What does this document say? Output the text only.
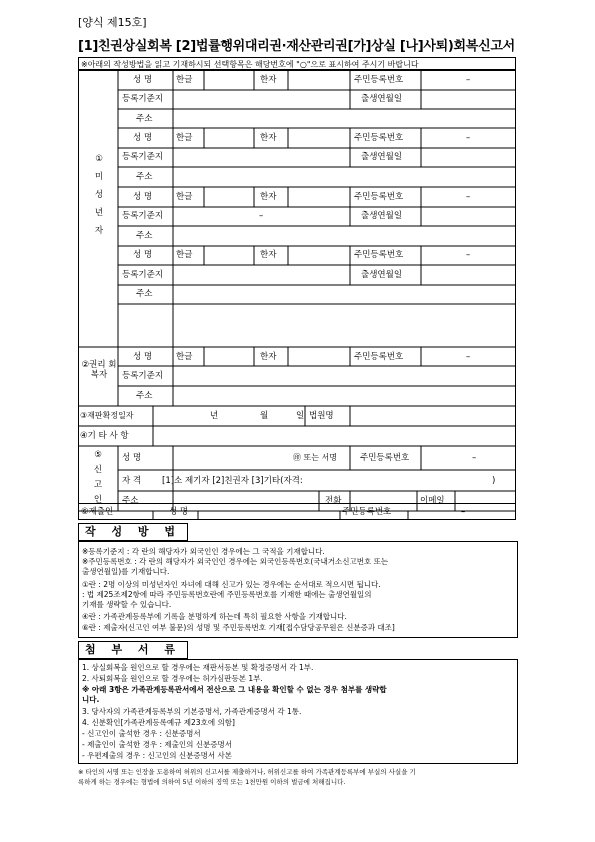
[양식 제15호]
[1]친권상실회복 [2]법률행위대리권·재산관리권[가]상실 [나]사퇴)회복신고서
※아래의 작성방법을 읽고 기재하시되 선택항목은 해당번호에 "○"으로 표시하여 주시기 바랍니다
① 미 성 년 자
성 명	한글	한자	주민등록번호	–
등록기준지	출생연월일
주소
성 명	한글	한자	주민등록번호	–
등록기준지	출생연월일
주소
성 명	한글	한자	주민등록번호	–
등록기준지	–	출생연월일
주소
성 명	한글	한자	주민등록번호	–
등록기준지	출생연월일
주소
②권리 회복자
성 명	한글	한자	주민등록번호	–
등록기준지
주소
③재판확정일자	년	월	일 법원명
④기 타 사 항
⑤ 신 고 인
성 명	㊞ 또는 서명	주민등록번호	–
자 격 [1]소 제기자 [2]친권자 [3]기타(자격:	)
주소	전화	이메일
⑥제출인	성 명	주민등록번호	–
작 성 방 법
※등록기준지 : 각 란의 해당자가 외국인인 경우에는 그 국적을 기재합니다.
※주민등록번호 : 각 란의 해당자가 외국인인 경우에는 외국인등록번호(국내거소신고번호 또는
출생연월일)를 기재합니다.
①란 : 2명 이상의 미성년자인 자녀에 대해 신고가 있는 경우에는 순서대로 적으시면 됩니다.
: 법 제25조제2항에 따라 주민등록번호란에 주민등록번호를 기재한 때에는 출생연월일의
기재를 생략할 수 있습니다.
④란 : 가족관계등록부에 기록을 분명하게 하는데 특히 필요한 사항을 기재합니다.
⑥란 : 제출자(신고인 여부 불문)의 성명 및 주민등록번호 기재[접수담당공무원은 신분증과 대조]
첨 부 서 류
1. 상실회복을 원인으로 할 경우에는 재판서등본 및 확정증명서 각 1부.
2. 사퇴회복을 원인으로 할 경우에는 허가심판등본 1부.
※ 아래 3항은 가족관계등록관서에서 전산으로 그 내용을 확인할 수 없는 경우 첨부를 생략합
니다.
3. 당사자의 가족관계등록부의 기본증명서, 가족관계증명서 각 1통.
4. 신분확인[가족관계등록예규 제23호에 의함]
- 신고인이 출석한 경우 : 신분증명서
- 제출인이 출석한 경우 : 제출인의 신분증명서
- 우편제출의 경우 : 신고인의 신분증명서 사본
※ 타인의 서명 또는 인장을 도용하여 허위의 신고서를 제출하거나, 허위신고를 하여 가족관계등록부에 부실의 사실을 기
록하게 하는 경우에는 형법에 의하여 5년 이하의 징역 또는 1천만원 이하의 벌금에 처해집니다.
